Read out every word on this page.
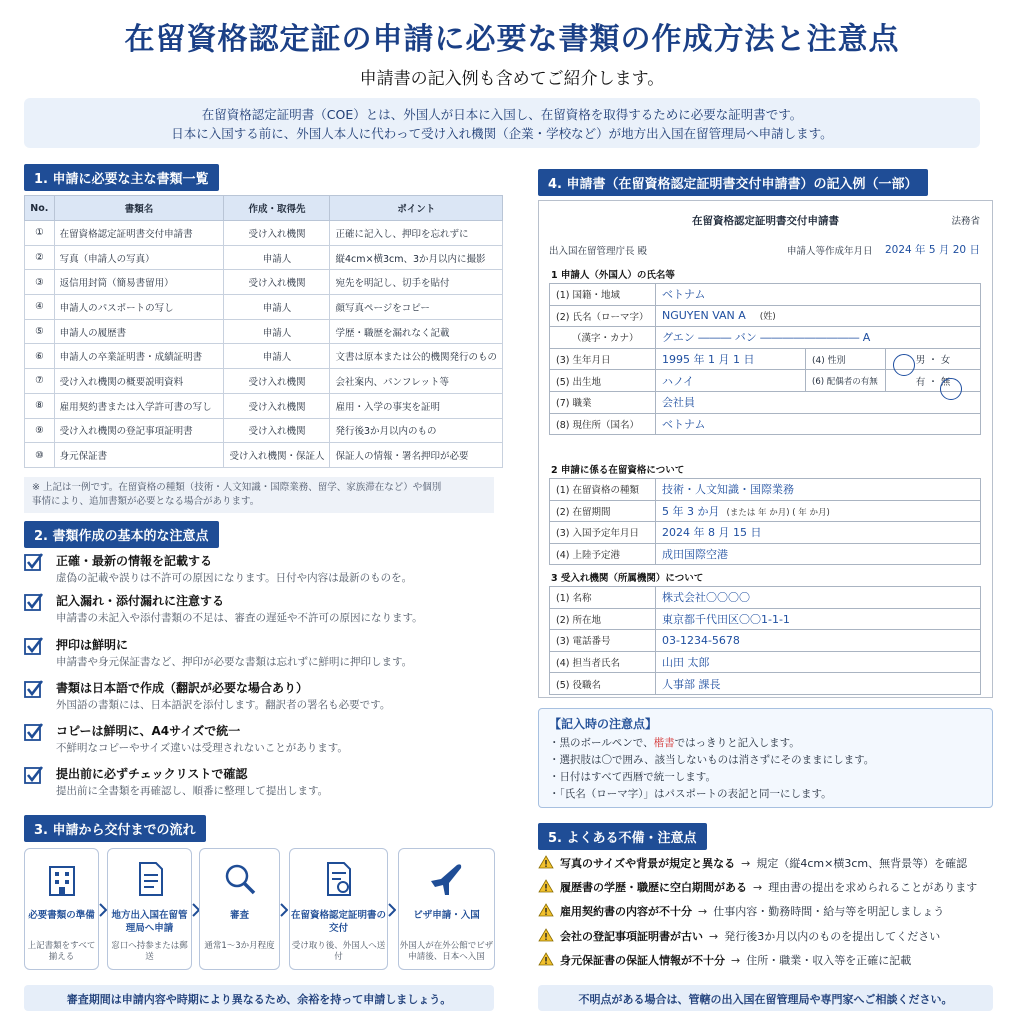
在留資格認定証の申請に必要な書類の作成方法と注意点
申請書の記入例も含めてご紹介します。
在留資格認定証明書（COE）とは、外国人が日本に入国し、在留資格を取得するために必要な証明書です。
日本に入国する前に、外国人本人に代わって受け入れ機関（企業・学校など）が地方出入国在留管理局へ申請します。
1. 申請に必要な主な書類一覧
No.	書類名	作成・取得先	ポイント
①	在留資格認定証明書交付申請書	受け入れ機関	正確に記入し、押印を忘れずに
②	写真（申請人の写真）	申請人	縦4cm×横3cm、3か月以内に撮影
③	返信用封筒（簡易書留用）	受け入れ機関	宛先を明記し、切手を貼付
④	申請人のパスポートの写し	申請人	顔写真ページをコピー
⑤	申請人の履歴書	申請人	学歴・職歴を漏れなく記載
⑥	申請人の卒業証明書・成績証明書	申請人	文書は原本または公的機関発行のもの
⑦	受け入れ機関の概要説明資料	受け入れ機関	会社案内、パンフレット等
⑧	雇用契約書または入学許可書の写し	受け入れ機関	雇用・入学の事実を証明
⑨	受け入れ機関の登記事項証明書	受け入れ機関	発行後3か月以内のもの
⑩	身元保証書	受け入れ機関・保証人	保証人の情報・署名押印が必要
※ 上記は一例です。在留資格の種類（技術・人文知識・国際業務、留学、家族滞在など）や個別
事情により、追加書類が必要となる場合があります。
2. 書類作成の基本的な注意点
正確・最新の情報を記載する
虚偽の記載や誤りは不許可の原因になります。日付や内容は最新のものを。
記入漏れ・添付漏れに注意する
申請書の未記入や添付書類の不足は、審査の遅延や不許可の原因になります。
押印は鮮明に
申請書や身元保証書など、押印が必要な書類は忘れずに鮮明に押印します。
書類は日本語で作成（翻訳が必要な場合あり）
外国語の書類には、日本語訳を添付します。翻訳者の署名も必要です。
コピーは鮮明に、A4サイズで統一
不鮮明なコピーやサイズ違いは受理されないことがあります。
提出前に必ずチェックリストで確認
提出前に全書類を再確認し、順番に整理して提出します。
3. 申請から交付までの流れ
必要書類の準備
上記書類をすべて揃える
地方出入国在留管理局へ申請
窓口へ持参または郵送
審査
通常1～3か月程度
在留資格認定証明書の交付
受け取り後、外国人へ送付
ビザ申請・入国
外国人が在外公館でビザ申請後、日本へ入国
審査期間は申請内容や時期により異なるため、余裕を持って申請しましょう。
4. 申請書（在留資格認定証明書交付申請書）の記入例（一部）
在留資格認定証明書交付申請書	法務省
出入国在留管理庁長 殿	申請人等作成年月日 2024 年 5 月 20 日
1 申請人（外国人）の氏名等
(1) 国籍・地域	ベトナム		
(2) 氏名（ローマ字）	NGUYEN VAN A (姓)		
（漢字・カナ）	グエン ――― バン ――――――――― A		
(3) 生年月日	1995 年 1 月 1 日	(4) 性別	男 ・ 女
(5) 出生地	ハノイ	(6) 配偶者の有無	有 ・ 無
(7) 職業	会社員		
(8) 現住所（国名）	ベトナム		
2 申請に係る在留資格について
(1) 在留資格の種類	技術・人文知識・国際業務
(2) 在留期間	5 年 3 か月 (または 年 か月) ( 年 か月)
(3) 入国予定年月日	2024 年 8 月 15 日
(4) 上陸予定港	成田国際空港
3 受入れ機関（所属機関）について
(1) 名称	株式会社〇〇〇〇
(2) 所在地	東京都千代田区〇〇1-1-1
(3) 電話番号	03-1234-5678
(4) 担当者氏名	山田 太郎
(5) 役職名	人事部 課長
【記入時の注意点】
・黒のボールペンで、楷書ではっきりと記入します。
・選択肢は〇で囲み、該当しないものは消さずにそのままにします。
・日付はすべて西暦で統一します。
・「氏名（ローマ字）」はパスポートの表記と同一にします。
5. よくある不備・注意点
写真のサイズや背景が規定と異なる → 規定（縦4cm×横3cm、無背景等）を確認
履歴書の学歴・職歴に空白期間がある → 理由書の提出を求められることがあります
雇用契約書の内容が不十分 → 仕事内容・勤務時間・給与等を明記しましょう
会社の登記事項証明書が古い → 発行後3か月以内のものを提出してください
身元保証書の保証人情報が不十分 → 住所・職業・収入等を正確に記載
不明点がある場合は、管轄の出入国在留管理局や専門家へご相談ください。
